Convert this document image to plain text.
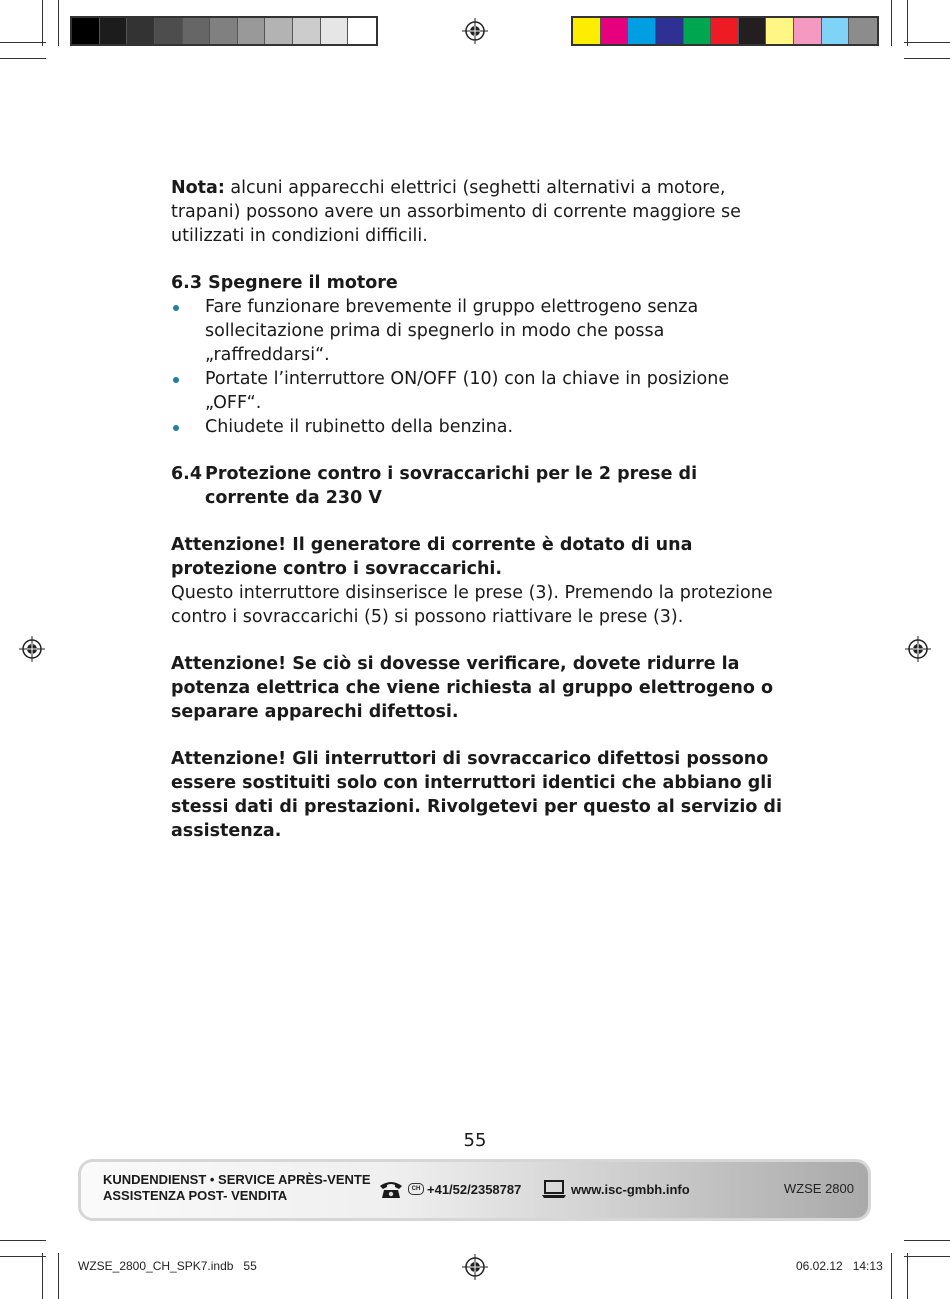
Nota: alcuni apparecchi elettrici (seghetti alternativi a motore, trapani) possono avere un assorbimento di corrente maggiore se utilizzati in condizioni difficili.

6.3 Spegnere il motore

Fare funzionare brevemente il gruppo elettrogeno senza sollecitazione prima di spegnerlo in modo che possa „raffreddarsi“.
Portate l’interruttore ON/OFF (10) con la chiave in posizione „OFF“.
Chiudete il rubinetto della benzina.
6.4 Protezione contro i sovraccarichi per le 2 prese di corrente da 230 V

Attenzione! Il generatore di corrente è dotato di una protezione contro i sovraccarichi.

Questo interruttore disinserisce le prese (3). Premendo la protezione contro i sovraccarichi (5) si possono riattivare le prese (3).

Attenzione! Se ciò si dovesse verificare, dovete ridurre la potenza elettrica che viene richiesta al gruppo elettrogeno o separare apparechi difettosi.

Attenzione! Gli interruttori di sovraccarico difettosi possono essere sostituiti solo con interruttori identici che abbiano gli stessi dati di prestazioni. Rivolgetevi per questo al servizio di assistenza.

55
KUNDENDIENST • SERVICE APRÈS-VENTE
ASSISTENZA POST- VENDITA	CH +41/52/2358787	www.isc-gmbh.info	WZSE 2800
WZSE_2800_CH_SPK7.indb   55	06.02.12   14:13
